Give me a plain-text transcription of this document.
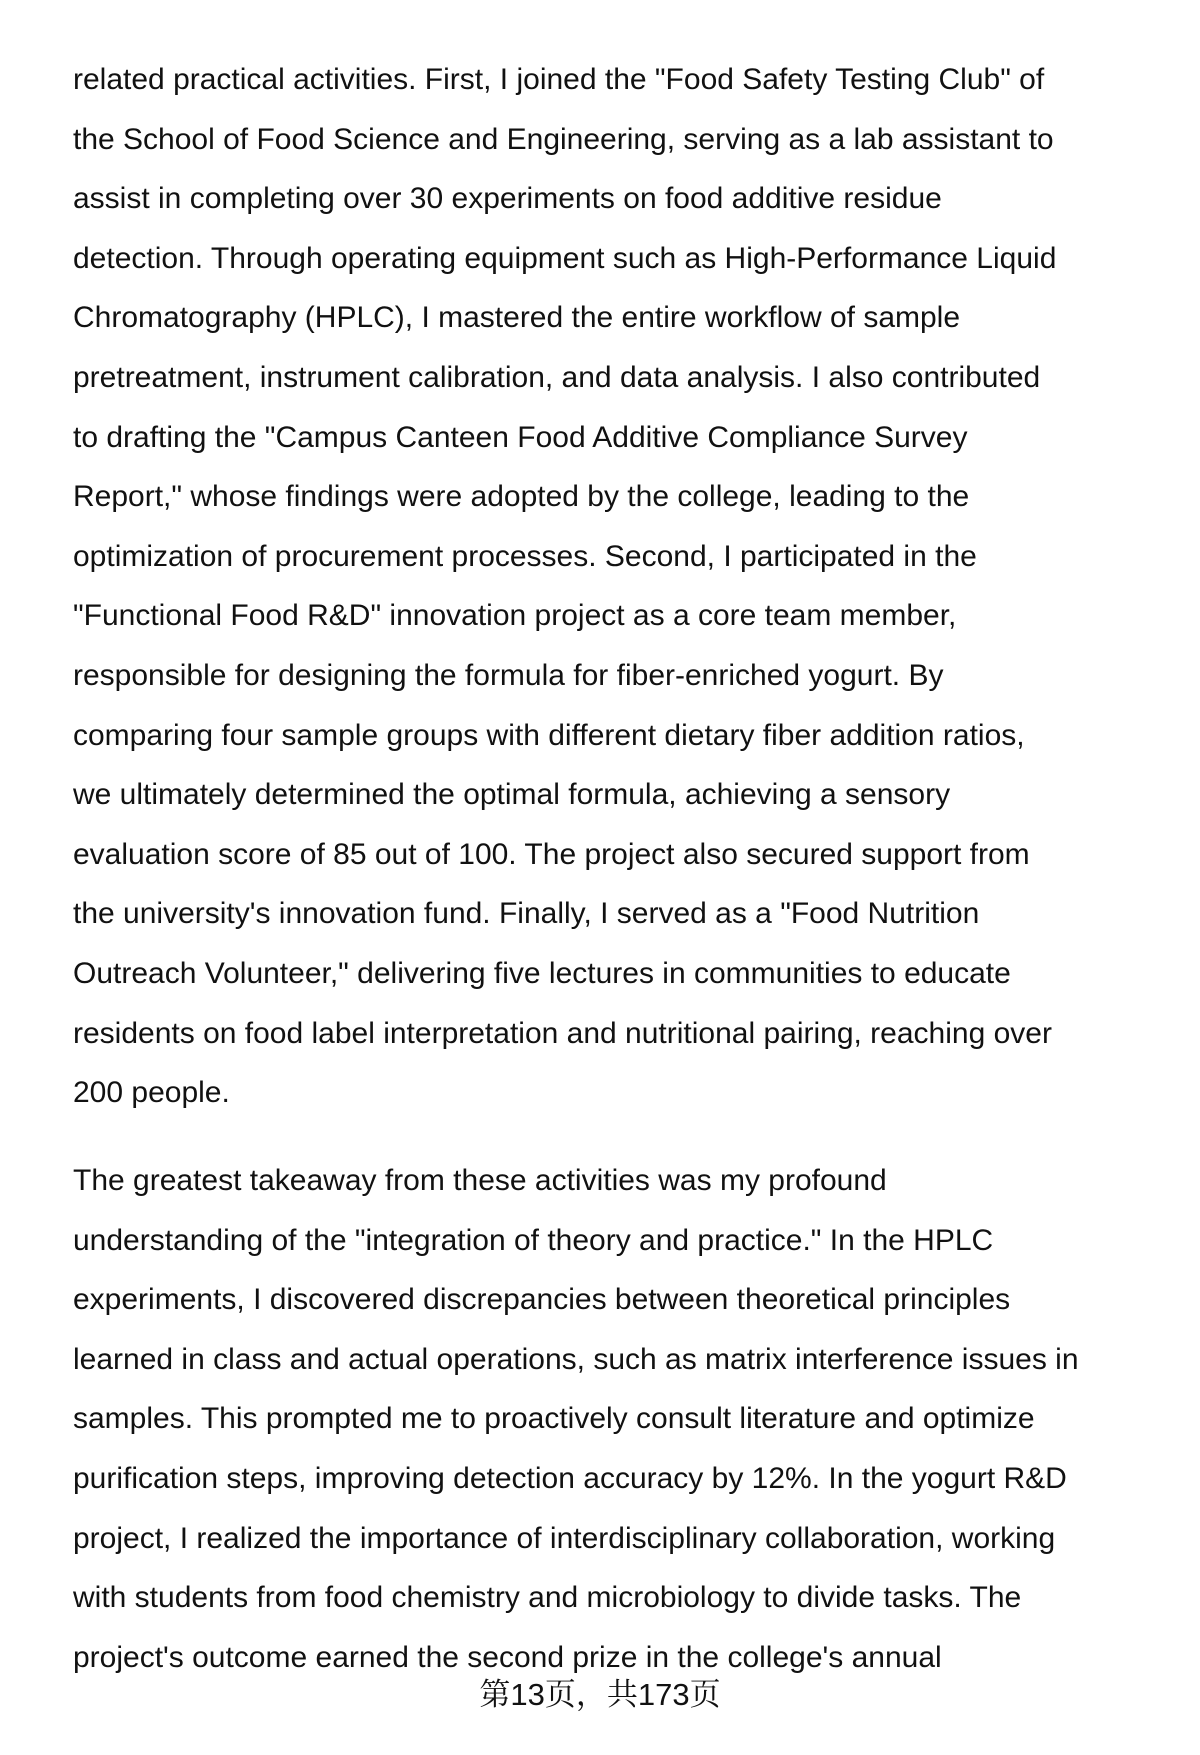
related practical activities. First, I joined the "Food Safety Testing Club" of
the School of Food Science and Engineering, serving as a lab assistant to
assist in completing over 30 experiments on food additive residue
detection. Through operating equipment such as High-Performance Liquid
Chromatography (HPLC), I mastered the entire workflow of sample
pretreatment, instrument calibration, and data analysis. I also contributed
to drafting the "Campus Canteen Food Additive Compliance Survey
Report," whose findings were adopted by the college, leading to the
optimization of procurement processes. Second, I participated in the
"Functional Food R&D" innovation project as a core team member,
responsible for designing the formula for fiber-enriched yogurt. By
comparing four sample groups with different dietary fiber addition ratios,
we ultimately determined the optimal formula, achieving a sensory
evaluation score of 85 out of 100. The project also secured support from
the university's innovation fund. Finally, I served as a "Food Nutrition
Outreach Volunteer," delivering five lectures in communities to educate
residents on food label interpretation and nutritional pairing, reaching over
200 people.
The greatest takeaway from these activities was my profound
understanding of the "integration of theory and practice." In the HPLC
experiments, I discovered discrepancies between theoretical principles
learned in class and actual operations, such as matrix interference issues in
samples. This prompted me to proactively consult literature and optimize
purification steps, improving detection accuracy by 12%. In the yogurt R&D
project, I realized the importance of interdisciplinary collaboration, working
with students from food chemistry and microbiology to divide tasks. The
project's outcome earned the second prize in the college's annual
第13页，共173页
